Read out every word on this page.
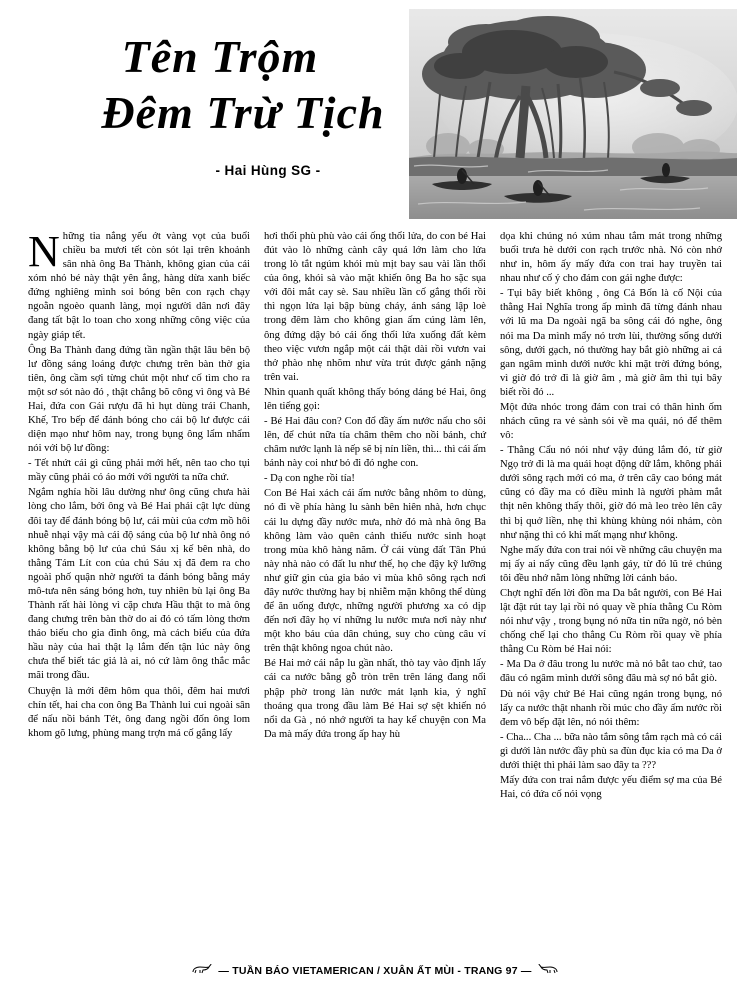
Tên Trộm
Đêm Trừ Tịch
- Hai Hùng SG -

Những tia nắng yếu ớt vàng vọt của buổi chiều ba mươi tết còn sót lại trên khoảnh sân nhà ông Ba Thành, không gian của cái xóm nhỏ bé này thật yên ắng, hàng dừa xanh biếc đứng nghiêng mình soi bóng bên con rạch chạy ngoằn ngoèo quanh làng, mọi người dân nơi đây đang tất bật lo toan cho xong những công việc của ngày giáp tết.

Ông Ba Thành đang đứng tần ngần thật lâu bên bộ lư đồng sáng loáng được chưng trên bàn thờ gia tiên, ông cầm sợi từng chút một như cố tìm cho ra một sơ sót nào đó , thật chẳng bõ công vì ông và Bé Hai, đứa con Gái rượu đã hì hụt dùng trái Chanh, Khế, Tro bếp để đánh bóng cho cái bộ lư được cái diện mạo như hôm nay, trong bụng ông lẩm nhẩm nói với bộ lư đồng:

- Tết nhứt cái gì cũng phải mới hết, nên tao cho tụi mầy cũng phải có áo mới với người ta nữa chứ.

Ngắm nghía hồi lâu dường như ông cũng chưa hài lòng cho lắm, bởi ông và Bé Hai phải cật lực dùng đôi tay để đánh bóng bộ lư, cái mùi của cơm mồ hôi nhuễ nhại vậy mà cái độ sáng của bộ lư nhà ông nó không bằng bộ lư của chú Sáu xị kế bên nhà, do thằng Tám Lít con của chú Sáu xị đã đem ra cho ngoài phố quận nhờ người ta đánh bóng bằng máy mô-tưa nên sáng bóng hơn, tuy nhiên bù lại ông Ba Thành rất hài lòng vì cặp chưa Hầu thật to mà ông đang chưng trên bàn thờ do ai đó có tấm lòng thơm thảo biếu cho gia đình ông, mà cách biểu của đứa hầu này của hai thật lạ lắm đến tận lúc này ông chưa thể biết tác giả là ai, nó cứ làm ông thắc mắc mãi trong đầu.

Chuyện là mới đêm hôm qua thôi, đêm hai mươi chín tết, hai cha con ông Ba Thành lui cui ngoài sân để nấu nồi bánh Tét, ông đang ngồi đốn ông lom khom gõ lưng, phùng mang trợn má cố gắng lấy

hơi thổi phù phù vào cái ống thổi lửa, do con bé Hai đút vào lò những cành cây quá lớn làm cho lửa trong lò tắt ngúm khói mù mịt bay sau vài lần thổi của ông, khói sà vào mặt khiến ông Ba ho sặc sụa với đôi mắt cay sè. Sau nhiều lần cố gắng thổi rồi thì ngọn lửa lại bập bùng cháy, ánh sáng lập loè trong đêm làm cho không gian ấm cúng làm lên, ông đứng dậy bỏ cái ống thổi lửa xuống đất kèm theo việc vươn ngắp một cái thật dài rồi vươn vai thở phào nhẹ nhõm như vừa trút được gánh nặng trên vai.

Nhìn quanh quất không thấy bóng dáng bé Hai, ông lên tiếng gọi:

- Bé Hai đâu con? Con đổ đầy ấm nước nấu cho sôi lên, để chút nữa tía châm thêm cho nồi bánh, chứ châm nước lạnh là nếp sẽ bị nín liền, thì... thì cái ấm bánh này coi như bỏ đi đó nghe con.

- Dạ con nghe rồi tía!

Con Bé Hai xách cái ấm nước bằng nhôm to dùng, nó đi về phía hàng lu sành bên hiên nhà, hơn chục cái lu dựng đầy nước mưa, nhờ đó mà nhà ông Ba không làm vào quên cảnh thiếu nước sinh hoạt trong mùa khô hàng năm. Ở cái vùng đất Tân Phú này nhà nào có đất lu như thế, họ che đậy kỹ lưỡng như giữ gìn của gia bảo vì mùa khô sông rạch nơi đây nước thường hay bị nhiễm mặn không thể dùng để ăn uống được, những người phương xa có dịp đến nơi đây họ ví những lu nước mưa nơi này như một kho báu của dân chúng, suy cho cùng câu ví trên thật không ngoa chút nào.

Bé Hai mở cái nắp lu gần nhất, thò tay vào định lấy cái ca nước bằng gỗ tròn trên trên láng đang nổi phập phờ trong làn nước mát lạnh kia, ý nghĩ thoáng qua trong đầu làm Bé Hai sợ sệt khiến nó nổi da Gà , nó nhớ người ta hay kể chuyện con Ma Da mà mấy đứa trong ấp hay hù

dọa khi chúng nó xúm nhau tắm mát trong những buổi trưa hè dưới con rạch trước nhà. Nó còn nhớ như in, hôm ấy mấy đứa con trai hay truyền tai nhau như cố ý cho đám con gái nghe được:

- Tụi bây biết không , ông Cả Bốn là cố Nội của thằng Hai Nghĩa trong ấp mình đã từng đánh nhau với lũ ma Da ngoài ngã ba sông cái đó nghe, ông nói ma Da mình mẩy nó trơn lùi, thường sống dưới sông, dưới gạch, nó thường hay bắt giò những ai cả gan ngâm mình dưới nước khi mặt trời đứng bóng, vì giờ đó trở đi là giờ âm , mà giờ âm thì tụi bây biết rồi đó ...

Một đứa nhóc trong đám con trai có thân hình ốm nhách cũng ra vẻ sành sỏi về ma quái, nó để thêm vô:

- Thằng Cẩu nó nói như vậy đúng lắm đó, từ giờ Ngọ trở đi là ma quái hoạt động dữ lắm, không phải dưới sông rạch mới có ma, ở trên cây cao bóng mát cũng có đầy ma có điều mình là người phàm mắt thịt nên không thấy thôi, giờ đó mà leo trèo lên cây thì bị quở liền, nhẹ thì khùng khùng nói nhảm, còn như nặng thì có khi mất mạng như không.

Nghe mấy đứa con trai nói về những câu chuyện ma mị ấy ai nấy cũng đều lạnh gáy, từ đó lũ trẻ chúng tôi đều nhớ nằm lòng những lời cảnh báo.

Chợt nghĩ đến lời đồn ma Da bắt người, con Bé Hai lật đật rút tay lại rồi nó quay về phía thằng Cu Ròm nói như vậy , trong bụng nó nữa tin nữa ngờ, nó bèn chống chế lại cho thẳng Cu Ròm rồi quay về phía thằng Cu Ròm bé Hai nói:

- Ma Da ở đâu trong lu nước mà nó bắt tao chứ, tao đâu có ngâm mình dưới sông đâu mà sợ nó bắt giò.

Dù nói vậy chứ Bé Hai cũng ngán trong bụng, nó lấy ca nước thật nhanh rồi múc cho đầy ấm nước rồi đem vô bếp đặt lên, nó nói thêm:

- Cha... Cha ... bữa nào tắm sông tắm rạch mà có cái gì dưới làn nước đầy phù sa đùn đục kia có ma Da ở dưới thiệt thì phải làm sao đây ta ???

Mấy đứa con trai nắm được yếu điểm sợ ma của Bé Hai, có đứa cố nói vọng

— TUẦN BÁO VIETAMERICAN / XUÂN ẤT MÙI - TRANG 97 —
